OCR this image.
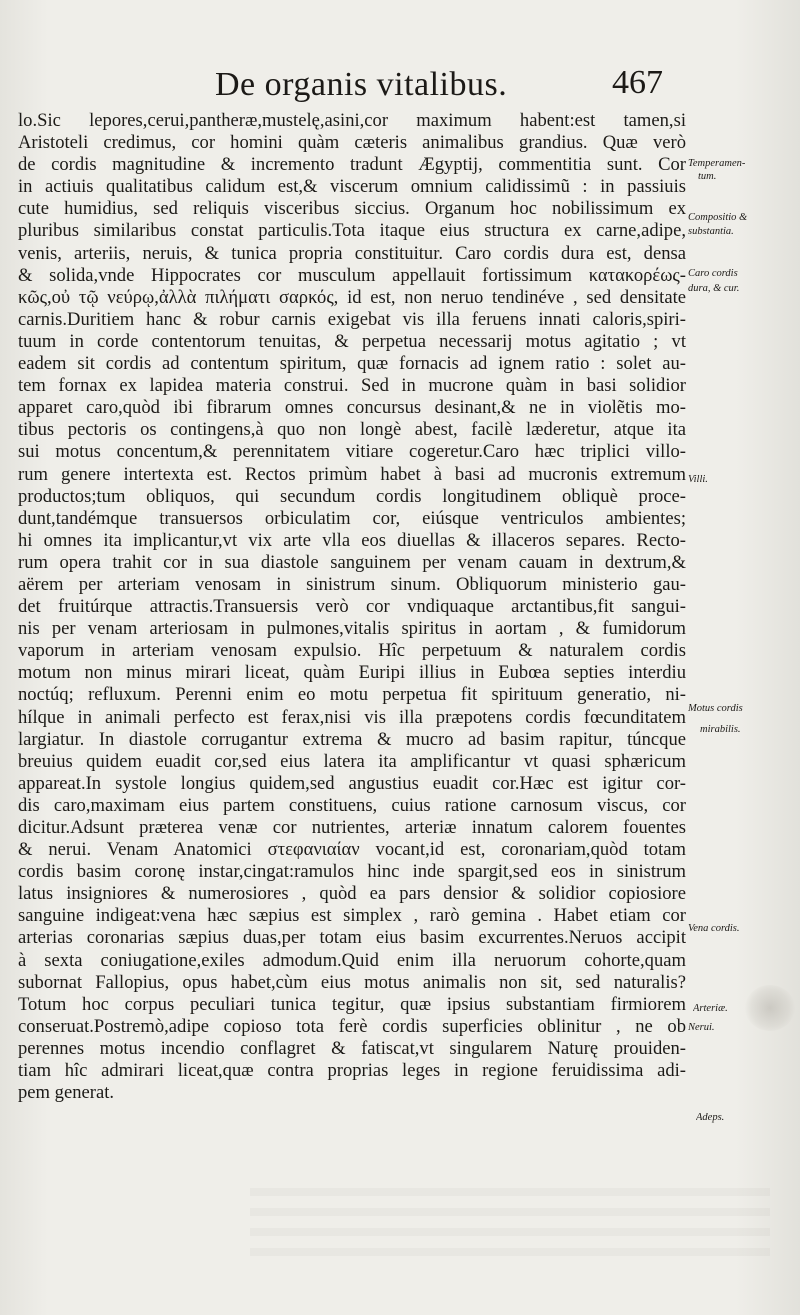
De organis vitalibus.	467
lo.Sic lepores,cerui,pantheræ,mustelę,asini,cor maximum habent:est tamen,si
Aristoteli credimus, cor homini quàm cæteris animalibus grandius. Quæ verò
de cordis magnitudine & incremento tradunt Ægyptij, commentitia sunt. Cor
in actiuis qualitatibus calidum est,& viscerum omnium calidissimũ : in passiuis
cute humidius, sed reliquis visceribus siccius. Organum hoc nobilissimum ex
pluribus similaribus constat particulis.Tota itaque eius structura ex carne,adipe,
venis, arteriis, neruis, & tunica propria constituitur. Caro cordis dura est, densa
& solida,vnde Hippocrates cor musculum appellauit fortissimum κατακορέως-
κῶς,οὐ τῷ νεύρῳ,ἀλλὰ πιλήματι σαρκός, id est, non neruo tendinéve , sed densitate
carnis.Duritiem hanc & robur carnis exigebat vis illa feruens innati caloris,spiri-
tuum in corde contentorum tenuitas, & perpetua necessarij motus agitatio ; vt
eadem sit cordis ad contentum spiritum, quæ fornacis ad ignem ratio : solet au-
tem fornax ex lapidea materia construi. Sed in mucrone quàm in basi solidior
apparet caro,quòd ibi fibrarum omnes concursus desinant,& ne in violẽtis mo-
tibus pectoris os contingens,à quo non longè abest, facilè læderetur, atque ita
sui motus concentum,& perennitatem vitiare cogeretur.Caro hæc triplici villo-
rum genere intertexta est. Rectos primùm habet à basi ad mucronis extremum
productos;tum obliquos, qui secundum cordis longitudinem obliquè proce-
dunt,tandémque transuersos orbiculatim cor, eiúsque ventriculos ambientes;
hi omnes ita implicantur,vt vix arte vlla eos diuellas & illaceros separes. Recto-
rum opera trahit cor in sua diastole sanguinem per venam cauam in dextrum,&
aërem per arteriam venosam in sinistrum sinum. Obliquorum ministerio gau-
det fruitúrque attractis.Transuersis verò cor vndiquaque arctantibus,fit sangui-
nis per venam arteriosam in pulmones,vitalis spiritus in aortam , & fumidorum
vaporum in arteriam venosam expulsio. Hîc perpetuum & naturalem cordis
motum non minus mirari liceat, quàm Euripi illius in Eubœa septies interdiu
noctúq; refluxum. Perenni enim eo motu perpetua fit spirituum generatio, ni-
hílque in animali perfecto est ferax,nisi vis illa præpotens cordis fœcunditatem
largiatur. In diastole corrugantur extrema & mucro ad basim rapitur, túncque
breuius quidem euadit cor,sed eius latera ita amplificantur vt quasi sphæricum
appareat.In systole longius quidem,sed angustius euadit cor.Hæc est igitur cor-
dis caro,maximam eius partem constituens, cuius ratione carnosum viscus, cor
dicitur.Adsunt præterea venæ cor nutrientes, arteriæ innatum calorem fouentes
& nerui. Venam Anatomici στεφανιαίαν vocant,id est, coronariam,quòd totam
cordis basim coronę instar,cingat:ramulos hinc inde spargit,sed eos in sinistrum
latus insigniores & numerosiores , quòd ea pars densior & solidior copiosiore
sanguine indigeat:vena hæc sæpius est simplex , rarò gemina . Habet etiam cor
arterias coronarias sæpius duas,per totam eius basim excurrentes.Neruos accipit
à sexta coniugatione,exiles admodum.Quid enim illa neruorum cohorte,quam
subornat Fallopius, opus habet,cùm eius motus animalis non sit, sed naturalis?
Totum hoc corpus peculiari tunica tegitur, quæ ipsius substantiam firmiorem
conseruat.Postremò,adipe copioso tota ferè cordis superficies oblinitur , ne ob
perennes motus incendio conflagret & fatiscat,vt singularem Naturę prouiden-
tiam hîc admirari liceat,quæ contra proprias leges in regione feruidissima adi-
pem generat.
Temperamen-
tum.
Compositio &
substantia.
Caro cordis
dura, & cur.
Villi.
Motus cordis
mirabilis.
Vena cordis.
Arteriæ.
Nerui.
Adeps.
